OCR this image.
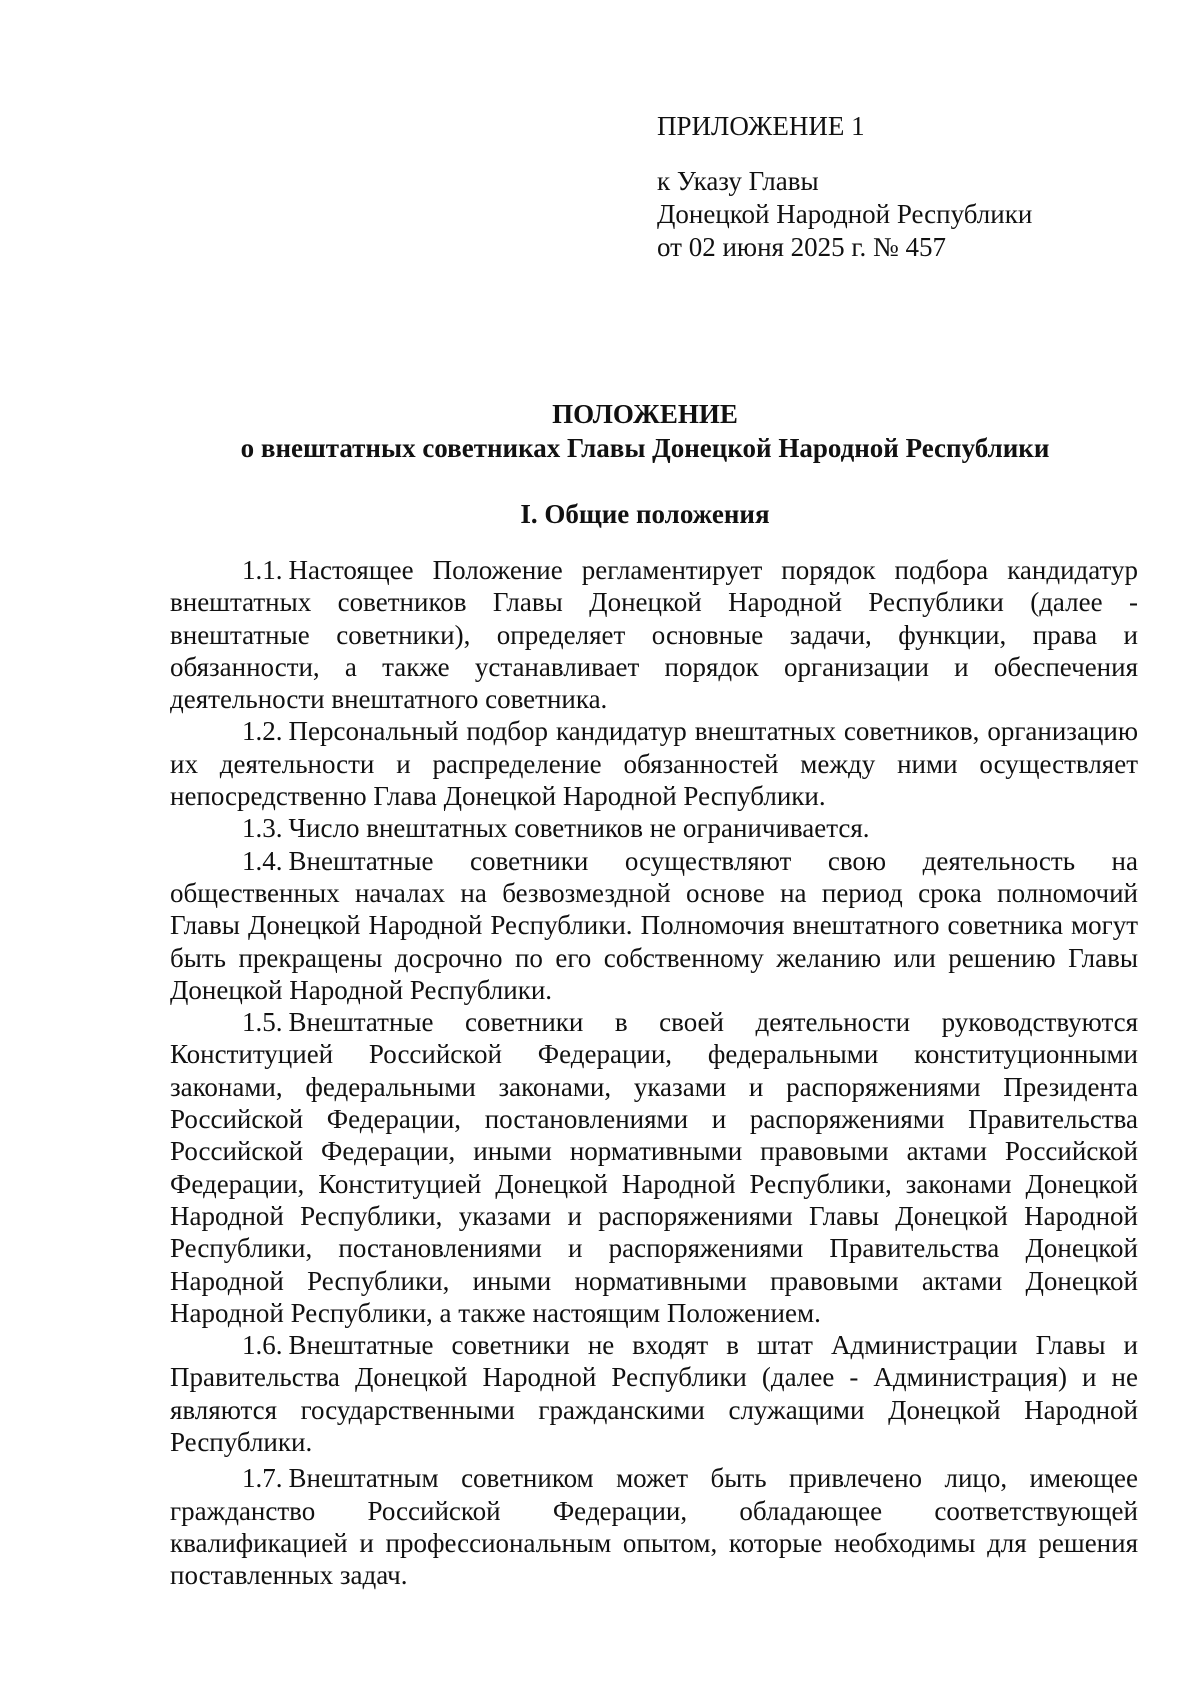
ПРИЛОЖЕНИЕ 1
к Указу Главы
Донецкой Народной Республики
от 02 июня 2025 г. № 457
ПОЛОЖЕНИЕ
о внештатных советниках Главы Донецкой Народной Республики
I. Общие положения

1.1. Настоящее Положение регламентирует порядок подбора кандидатур внештатных советников Главы Донецкой Народной Республики (далее - внештатные советники), определяет основные задачи, функции, права и обязанности, а также устанавливает порядок организации и обеспечения деятельности внештатного советника.

1.2. Персональный подбор кандидатур внештатных советников, организацию их деятельности и распределение обязанностей между ними осуществляет непосредственно Глава Донецкой Народной Республики.

1.3. Число внештатных советников не ограничивается.

1.4. Внештатные советники осуществляют свою деятельность на общественных началах на безвозмездной основе на период срока полномочий Главы Донецкой Народной Республики. Полномочия внештатного советника могут быть прекращены досрочно по его собственному желанию или решению Главы Донецкой Народной Республики.

1.5. Внештатные советники в своей деятельности руководствуются Конституцией Российской Федерации, федеральными конституционными законами, федеральными законами, указами и распоряжениями Президента Российской Федерации, постановлениями и распоряжениями Правительства Российской Федерации, иными нормативными правовыми актами Российской Федерации, Конституцией Донецкой Народной Республики, законами Донецкой Народной Республики, указами и распоряжениями Главы Донецкой Народной Республики, постановлениями и распоряжениями Правительства Донецкой Народной Республики, иными нормативными правовыми актами Донецкой Народной Республики, а также настоящим Положением.

1.6. Внештатные советники не входят в штат Администрации Главы и Правительства Донецкой Народной Республики (далее - Администрация) и не являются государственными гражданскими служащими Донецкой Народной Республики.

1.7. Внештатным советником может быть привлечено лицо, имеющее гражданство Российской Федерации, обладающее соответствующей квалификацией и профессиональным опытом, которые необходимы для решения поставленных задач.
